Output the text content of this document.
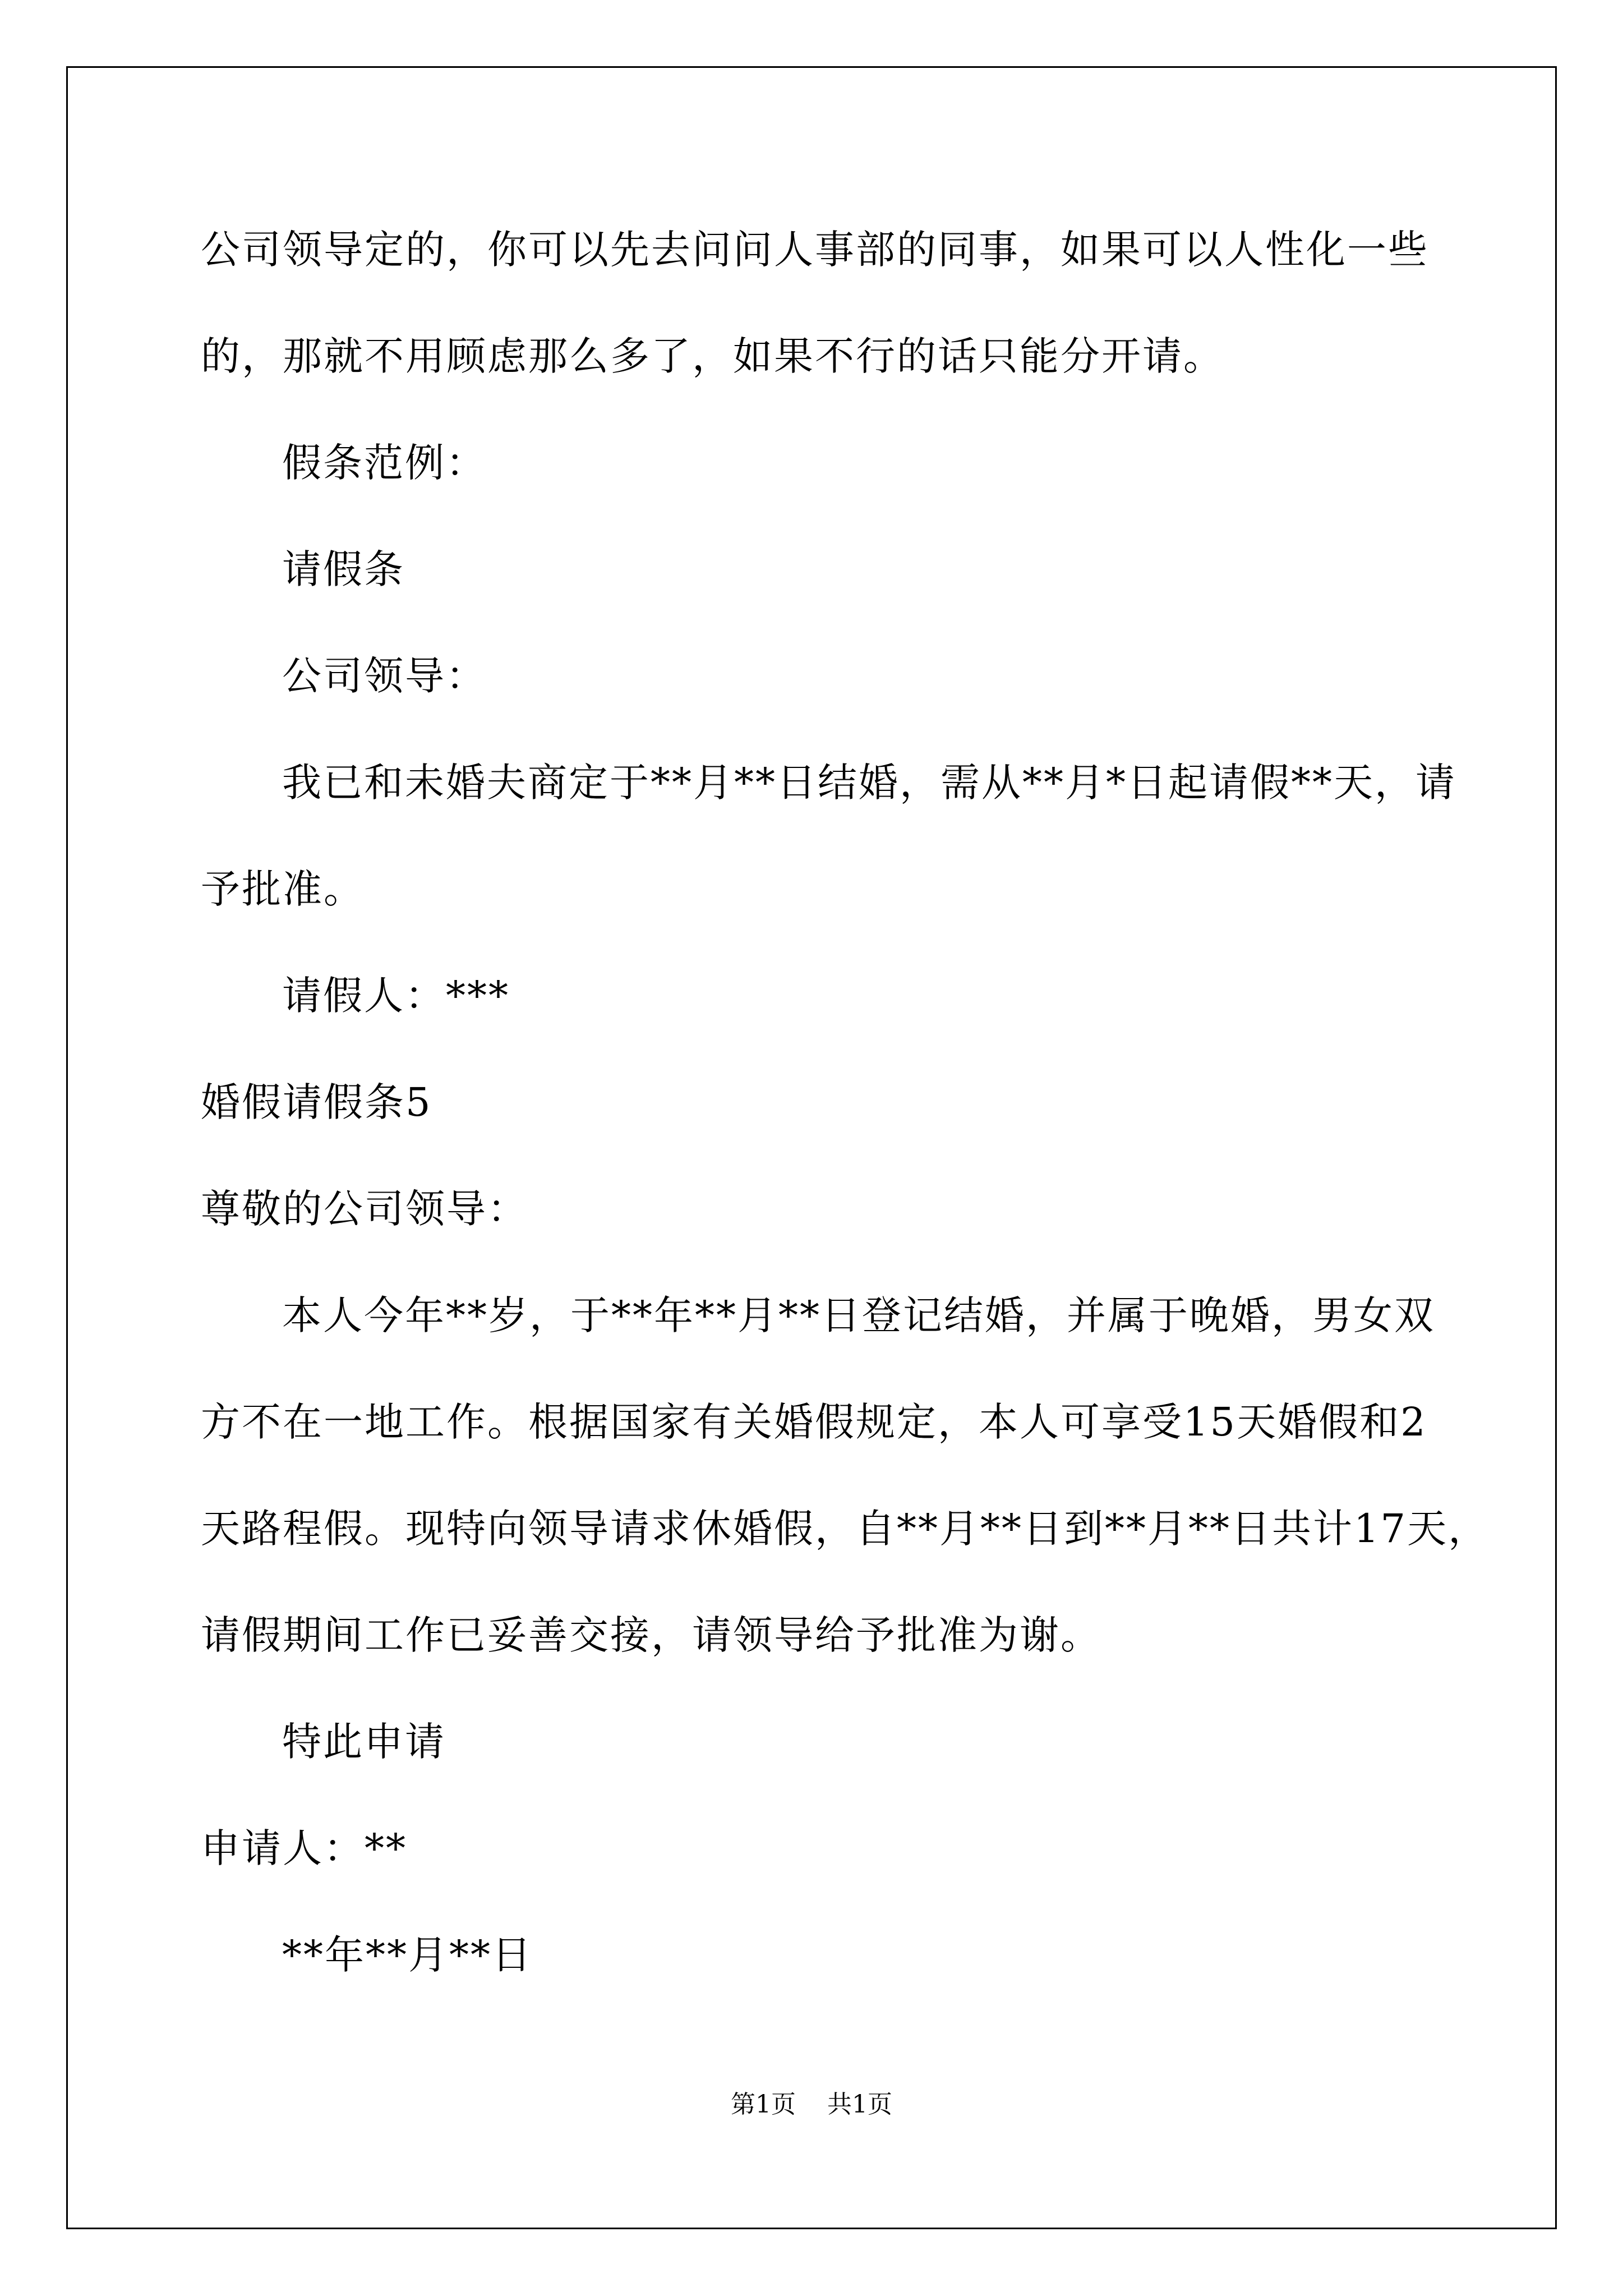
公司领导定的，你可以先去问问人事部的同事，如果可以人性化一些
的，那就不用顾虑那么多了，如果不行的话只能分开请。
假条范例：
请假条
公司领导：
我已和未婚夫商定于**月**日结婚，需从**月*日起请假**天，请
予批准。
请假人：***
婚假请假条5
尊敬的公司领导：
本人今年**岁，于**年**月**日登记结婚，并属于晚婚，男女双
方不在一地工作。根据国家有关婚假规定，本人可享受15天婚假和2
天路程假。现特向领导请求休婚假，自**月**日到**月**日共计17天，
请假期间工作已妥善交接，请领导给予批准为谢。
特此申请
申请人：**
**年**月**日
第1页    共1页
